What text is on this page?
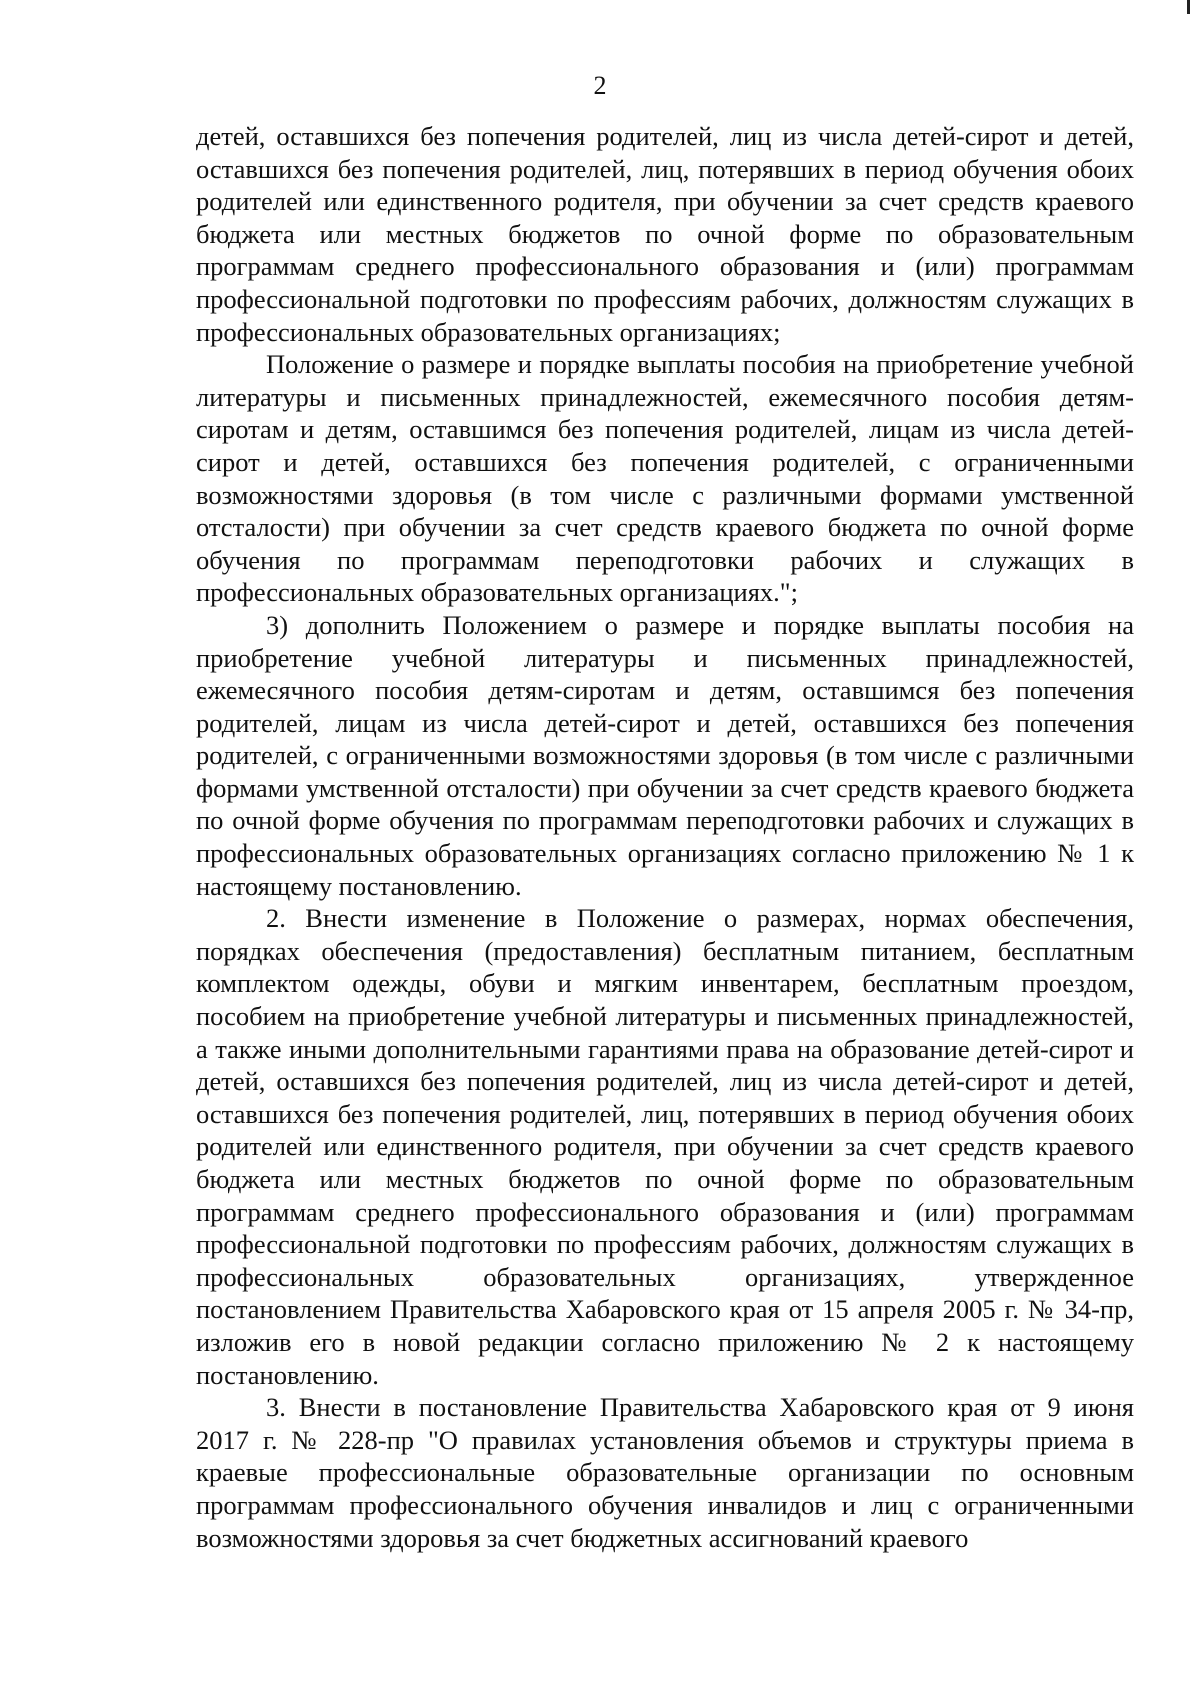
2

детей, оставшихся без попечения родителей, лиц из числа детей-сирот и детей, оставшихся без попечения родителей, лиц, потерявших в период обучения обоих родителей или единственного родителя, при обучении за счет средств краевого бюджета или местных бюджетов по очной форме по образовательным программам среднего профессионального образования и (или) программам профессиональной подготовки по профессиям рабочих, должностям служащих в профессиональных образовательных организациях;

Положение о размере и порядке выплаты пособия на приобретение учебной литературы и письменных принадлежностей, ежемесячного пособия детям-сиротам и детям, оставшимся без попечения родителей, лицам из числа детей-сирот и детей, оставшихся без попечения родителей, с ограниченными возможностями здоровья (в том числе с различными формами умственной отсталости) при обучении за счет средств краевого бюджета по очной форме обучения по программам переподготовки рабочих и служащих в профессиональных образовательных организациях.";

3) дополнить Положением о размере и порядке выплаты пособия на приобретение учебной литературы и письменных принадлежностей, ежемесячного пособия детям-сиротам и детям, оставшимся без попечения родителей, лицам из числа детей-сирот и детей, оставшихся без попечения родителей, с ограниченными возможностями здоровья (в том числе с различными формами умственной отсталости) при обучении за счет средств краевого бюджета по очной форме обучения по программам переподготовки рабочих и служащих в профессиональных образовательных организациях согласно приложению № 1 к настоящему постановлению.

2. Внести изменение в Положение о размерах, нормах обеспечения, порядках обеспечения (предоставления) бесплатным питанием, бесплатным комплектом одежды, обуви и мягким инвентарем, бесплатным проездом, пособием на приобретение учебной литературы и письменных принадлежностей, а также иными дополнительными гарантиями права на образование детей-сирот и детей, оставшихся без попечения родителей, лиц из числа детей-сирот и детей, оставшихся без попечения родителей, лиц, потерявших в период обучения обоих родителей или единственного родителя, при обучении за счет средств краевого бюджета или местных бюджетов по очной форме по образовательным программам среднего профессионального образования и (или) программам профессиональной подготовки по профессиям рабочих, должностям служащих в профессиональных образовательных организациях, утвержденное постановлением Правительства Хабаровского края от 15 апреля 2005 г. № 34-пр, изложив его в новой редакции согласно приложению № 2 к настоящему постановлению.

3. Внести в постановление Правительства Хабаровского края от 9 июня 2017 г. № 228-пр "О правилах установления объемов и структуры приема в краевые профессиональные образовательные организации по основным программам профессионального обучения инвалидов и лиц с ограниченными возможностями здоровья за счет бюджетных ассигнований краевого
